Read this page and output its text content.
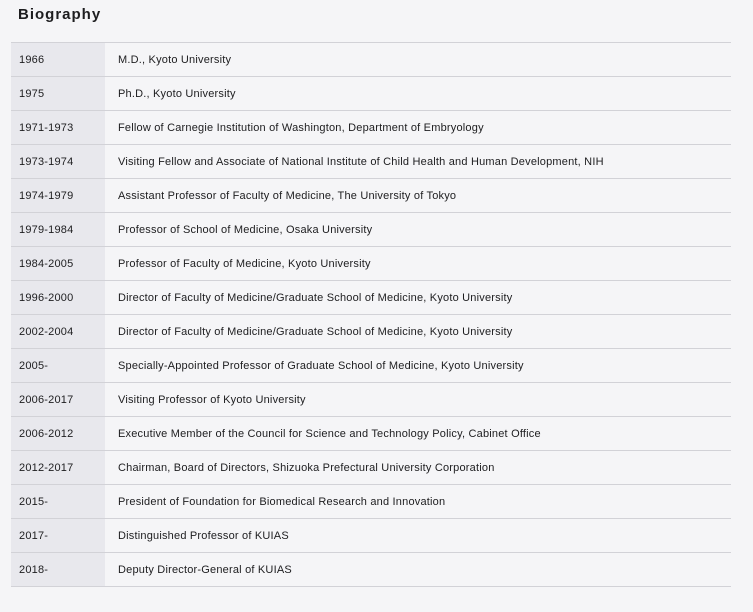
Biography
1966	M.D., Kyoto University
1975	Ph.D., Kyoto University
1971-1973	Fellow of Carnegie Institution of Washington, Department of Embryology
1973-1974	Visiting Fellow and Associate of National Institute of Child Health and Human Development, NIH
1974-1979	Assistant Professor of Faculty of Medicine, The University of Tokyo
1979-1984	Professor of School of Medicine, Osaka University
1984-2005	Professor of Faculty of Medicine, Kyoto University
1996-2000	Director of Faculty of Medicine/Graduate School of Medicine, Kyoto University
2002-2004	Director of Faculty of Medicine/Graduate School of Medicine, Kyoto University
2005-	Specially-Appointed Professor of Graduate School of Medicine, Kyoto University
2006-2017	Visiting Professor of Kyoto University
2006-2012	Executive Member of the Council for Science and Technology Policy, Cabinet Office
2012-2017	Chairman, Board of Directors, Shizuoka Prefectural University Corporation
2015-	President of Foundation for Biomedical Research and Innovation
2017-	Distinguished Professor of KUIAS
2018-	Deputy Director-General of KUIAS
